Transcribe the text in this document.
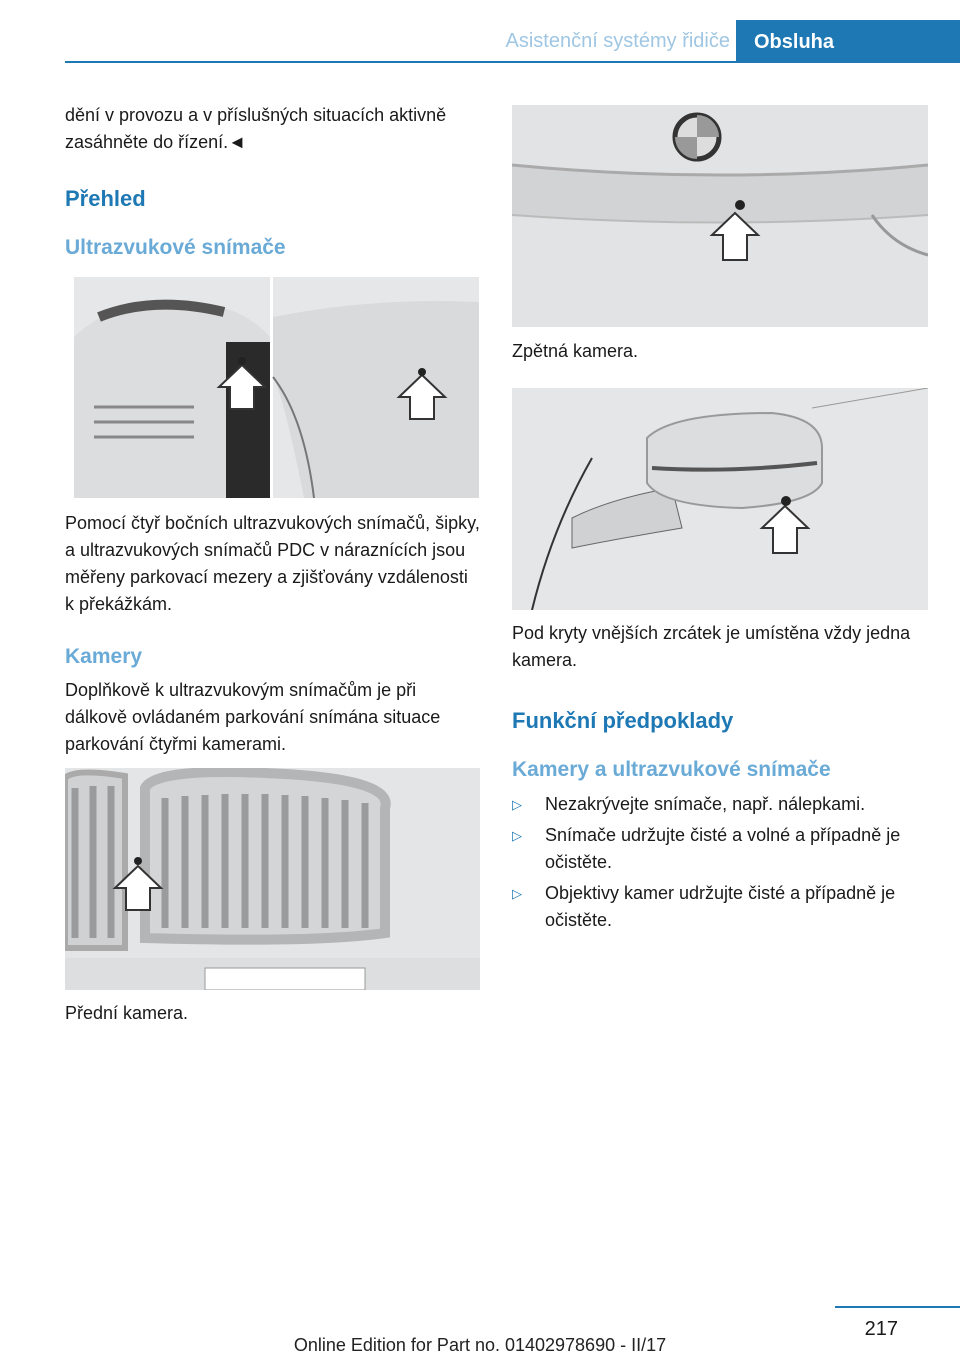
Asistenční systémy řidiče	Obsluha

dění v provozu a v příslušných situacích aktivně zasáhněte do řízení.◄

Přehled
Ultrazvukové snímače

Pomocí čtyř bočních ultrazvukových snímačů, šipky, a ultrazvukových snímačů PDC v náraznících jsou měřeny parkovací mezery a zjišťovány vzdálenosti k překážkám.

Kamery

Doplňkově k ultrazvukovým snímačům je při dálkově ovládaném parkování snímána situace parkování čtyřmi kamerami.

Přední kamera.

Zpětná kamera.

Pod kryty vnějších zrcátek je umístěna vždy jedna kamera.

Funkční předpoklady
Kamery a ultrazvukové snímače
▷ Nezakrývejte snímače, např. nálepkami.
▷ Snímače udržujte čisté a volné a případně je očistěte.
▷ Objektivy kamer udržujte čisté a případně je očistěte.
217
Online Edition for Part no. 01402978690 - II/17
